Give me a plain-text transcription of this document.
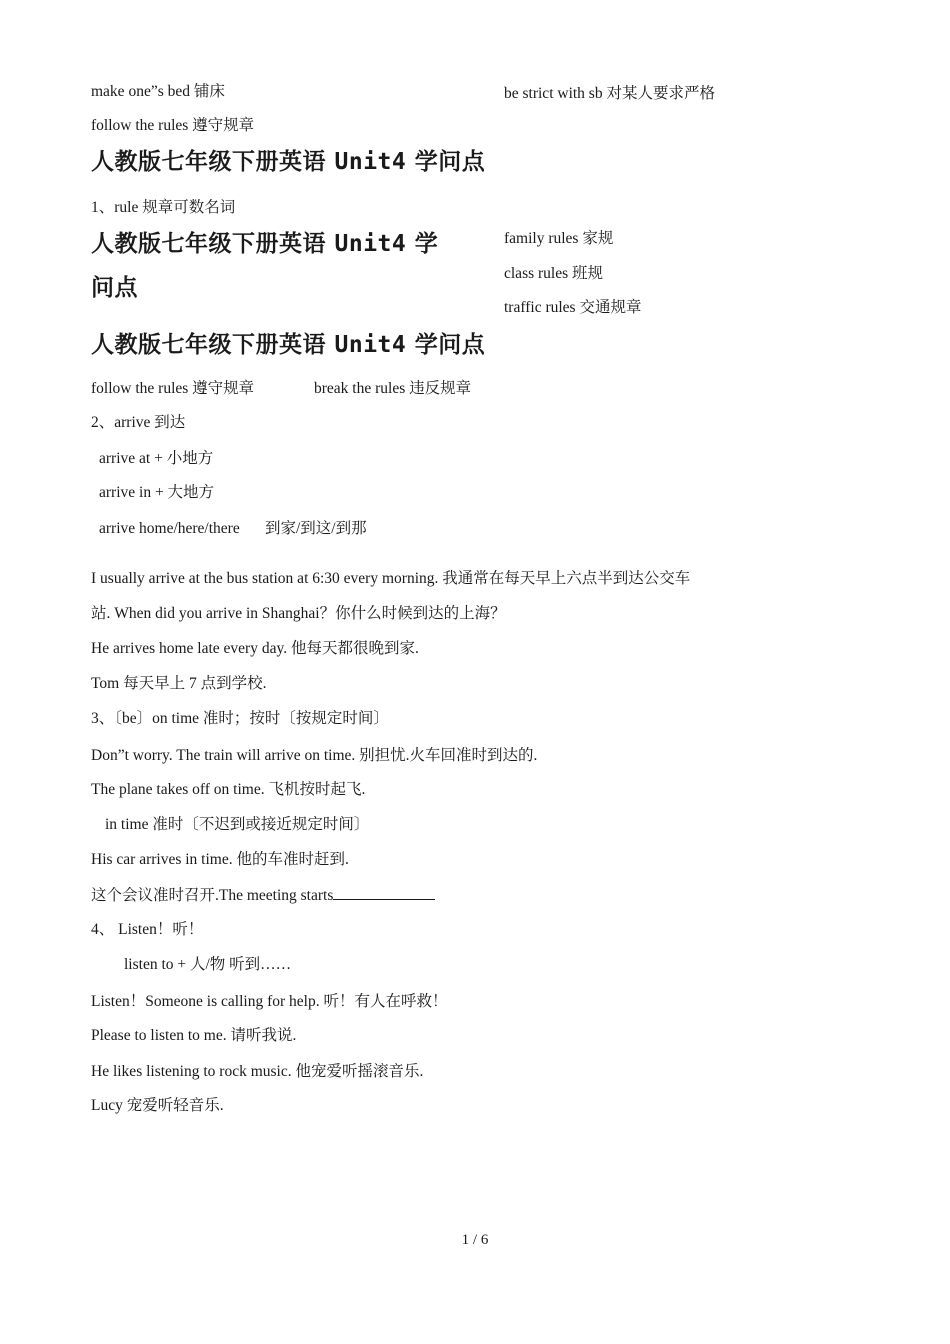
make one”s bed 铺床
follow the rules 遵守规章
be strict with sb 对某人要求严格
family rules 家规
class rules 班规
traffic rules 交通规章
人教版七年级下册英语 Unit4 学问点
1、rule 规章可数名词
人教版七年级下册英语 Unit4 学
问点
人教版七年级下册英语 Unit4 学问点
follow the rules 遵守规章	break the rules 违反规章
2、arrive 到达
arrive at + 小地方
arrive in + 大地方
arrive home/here/there 到家/到这/到那
I usually arrive at the bus station at 6:30 every morning. 我通常在每天早上六点半到达公交车
站. When did you arrive in Shanghai？你什么时候到达的上海？
He arrives home late every day. 他每天都很晚到家.
Tom 每天早上 7 点到学校.
3、〔be〕on time 准时；按时〔按规定时间〕
Don”t worry. The train will arrive on time. 别担忧.火车回准时到达的.
The plane takes off on time. 飞机按时起飞.
in time 准时〔不迟到或接近规定时间〕
His car arrives in time. 他的车准时赶到.
这个会议准时召开.The meeting starts
4、 Listen！听！
listen to + 人/物 听到……
Listen！Someone is calling for help. 听！有人在呼救！
Please to listen to me. 请听我说.
He likes listening to rock music. 他宠爱听摇滚音乐.
Lucy 宠爱听轻音乐.
1 / 6
